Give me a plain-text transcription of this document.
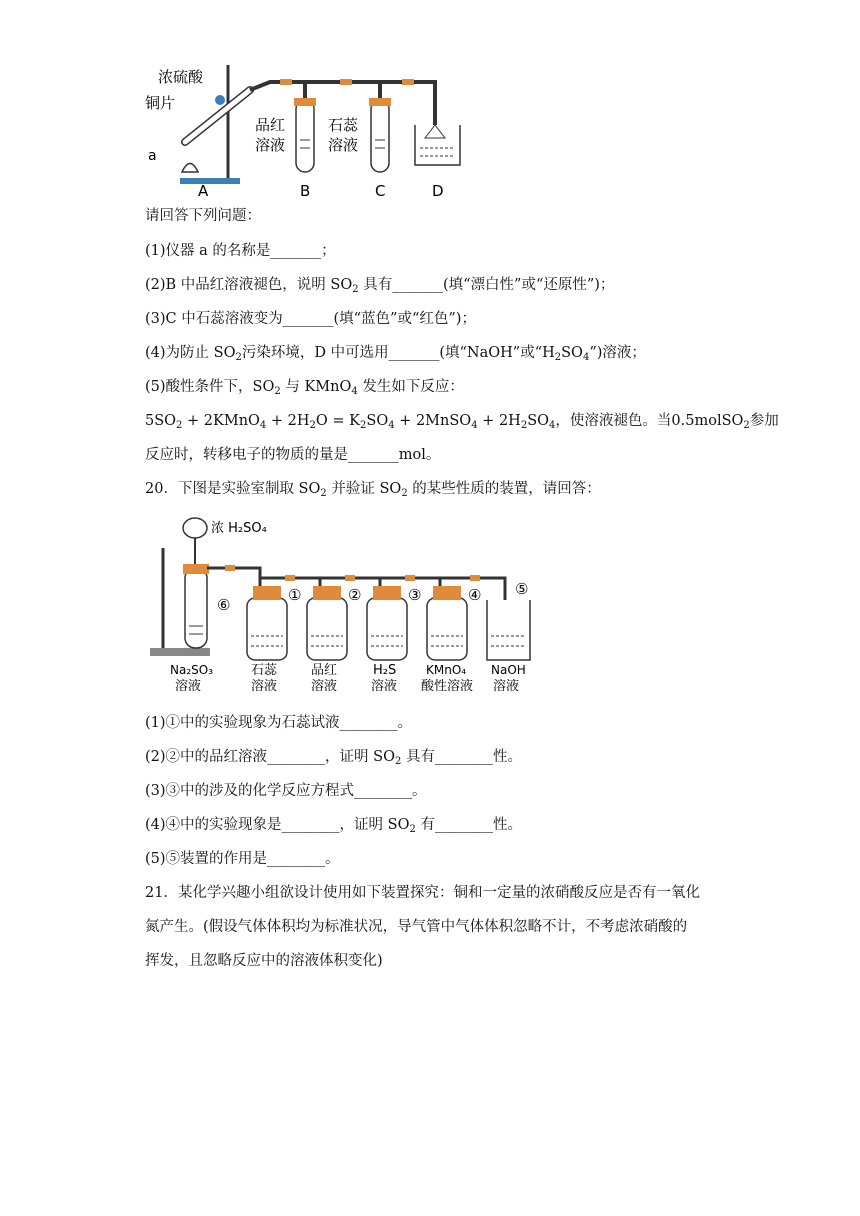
浓硫酸
铜片
a
品红
溶液
石蕊
溶液
A	B	C	D
请回答下列问题：
(1)仪器 a 的名称是_______；
(2)B 中品红溶液褪色，说明 $SO_2$ 具有_______(填“漂白性”或“还原性”)；
(3)C 中石蕊溶液变为_______(填“蓝色”或“红色”)；
(4)为防止 $SO_2$污染环境，D 中可选用_______(填“NaOH”或“$H_2SO_4$”)溶液；
(5)酸性条件下，$SO_2$ 与 KMnO$_4$ 发生如下反应：
$5SO_2$ + 2KMnO$_4$ + $2H_2O = K_2SO_4$ + 2MnSO$_4$ + $2H_2SO_4$，使溶液褪色。当0.5molSO$_2$参加
反应时，转移电子的物质的量是_______mol。
20．下图是实验室制取 $SO_2$ 并验证 $SO_2$ 的某些性质的装置，请回答：
浓 H₂SO₄
⑥
Na₂SO₃
溶液
①	②	③	④ ⑤
石蕊
溶液
品红
溶液
H₂S
溶液
KMnO₄
酸性溶液
NaOH
溶液
(1)①中的实验现象为石蕊试液________。
(2)②中的品红溶液________，证明 $SO_2$ 具有________性。
(3)③中的涉及的化学反应方程式________。
(4)④中的实验现象是________，证明 $SO_2$ 有________性。
(5)⑤装置的作用是________。
21．某化学兴趣小组欲设计使用如下装置探究：铜和一定量的浓硝酸反应是否有一氧化
氮产生。(假设气体体积均为标准状况，导气管中气体体积忽略不计，不考虑浓硝酸的
挥发，且忽略反应中的溶液体积变化)
